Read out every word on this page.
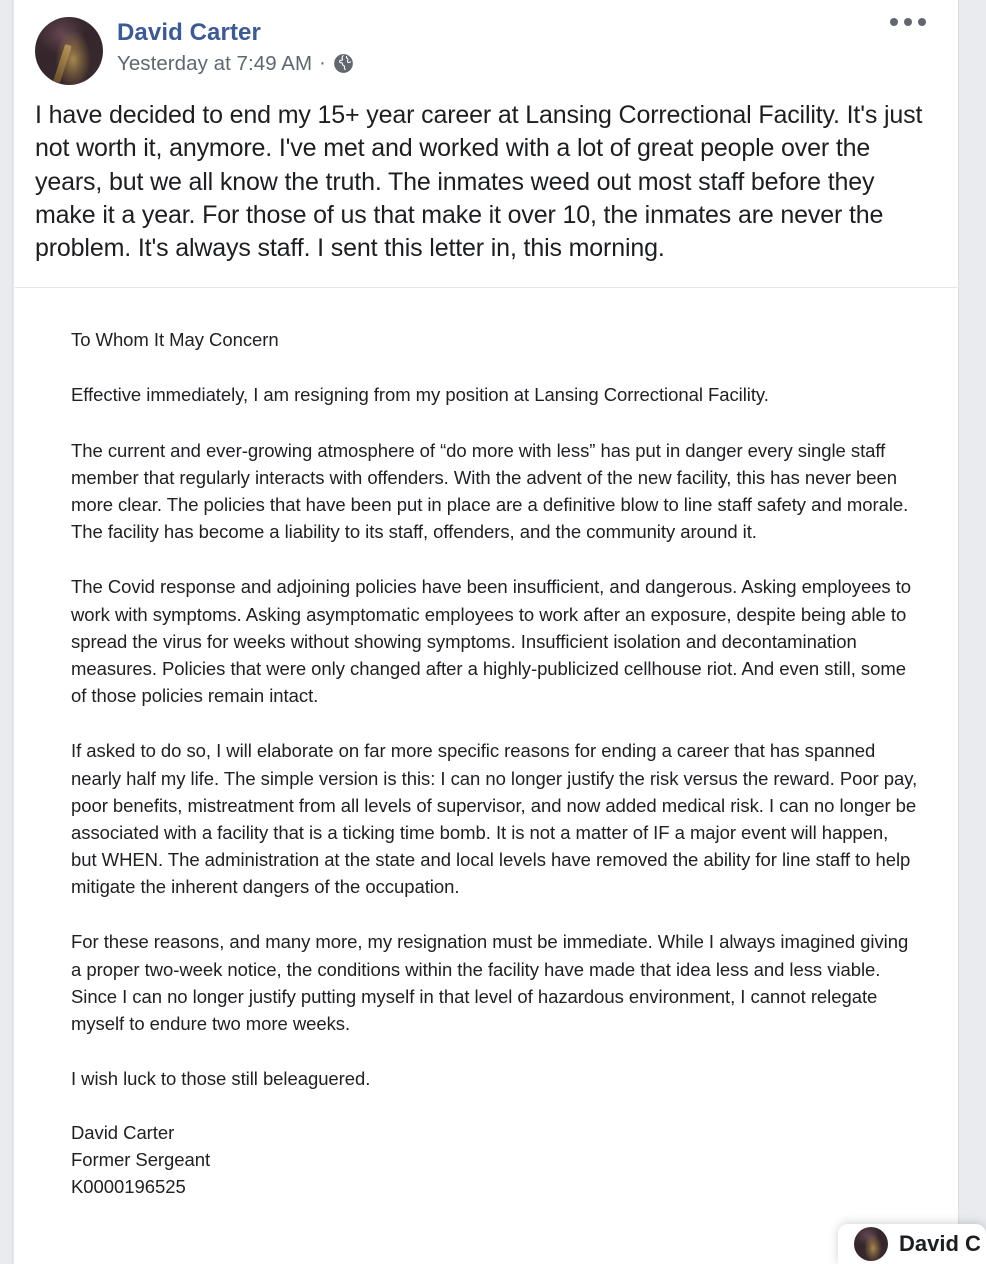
David Carter
Yesterday at 7:49 AM ·
I have decided to end my 15+ year career at Lansing Correctional Facility. It's just not worth it, anymore. I've met and worked with a lot of great people over the years, but we all know the truth. The inmates weed out most staff before they make it a year. For those of us that make it over 10, the inmates are never the problem. It's always staff. I sent this letter in, this morning.

To Whom It May Concern

Effective immediately, I am resigning from my position at Lansing Correctional Facility.

The current and ever-growing atmosphere of “do more with less” has put in danger every single staff member that regularly interacts with offenders. With the advent of the new facility, this has never been more clear. The policies that have been put in place are a definitive blow to line staff safety and morale. The facility has become a liability to its staff, offenders, and the community around it.

The Covid response and adjoining policies have been insufficient, and dangerous. Asking employees to work with symptoms. Asking asymptomatic employees to work after an exposure, despite being able to spread the virus for weeks without showing symptoms. Insufficient isolation and decontamination measures. Policies that were only changed after a highly-publicized cellhouse riot. And even still, some of those policies remain intact.

If asked to do so, I will elaborate on far more specific reasons for ending a career that has spanned nearly half my life. The simple version is this: I can no longer justify the risk versus the reward. Poor pay, poor benefits, mistreatment from all levels of supervisor, and now added medical risk. I can no longer be associated with a facility that is a ticking time bomb. It is not a matter of IF a major event will happen, but WHEN. The administration at the state and local levels have removed the ability for line staff to help mitigate the inherent dangers of the occupation.

For these reasons, and many more, my resignation must be immediate. While I always imagined giving a proper two-week notice, the conditions within the facility have made that idea less and less viable. Since I can no longer justify putting myself in that level of hazardous environment, I cannot relegate myself to endure two more weeks.

I wish luck to those still beleaguered.

David Carter
Former Sergeant
K0000196525

David C
